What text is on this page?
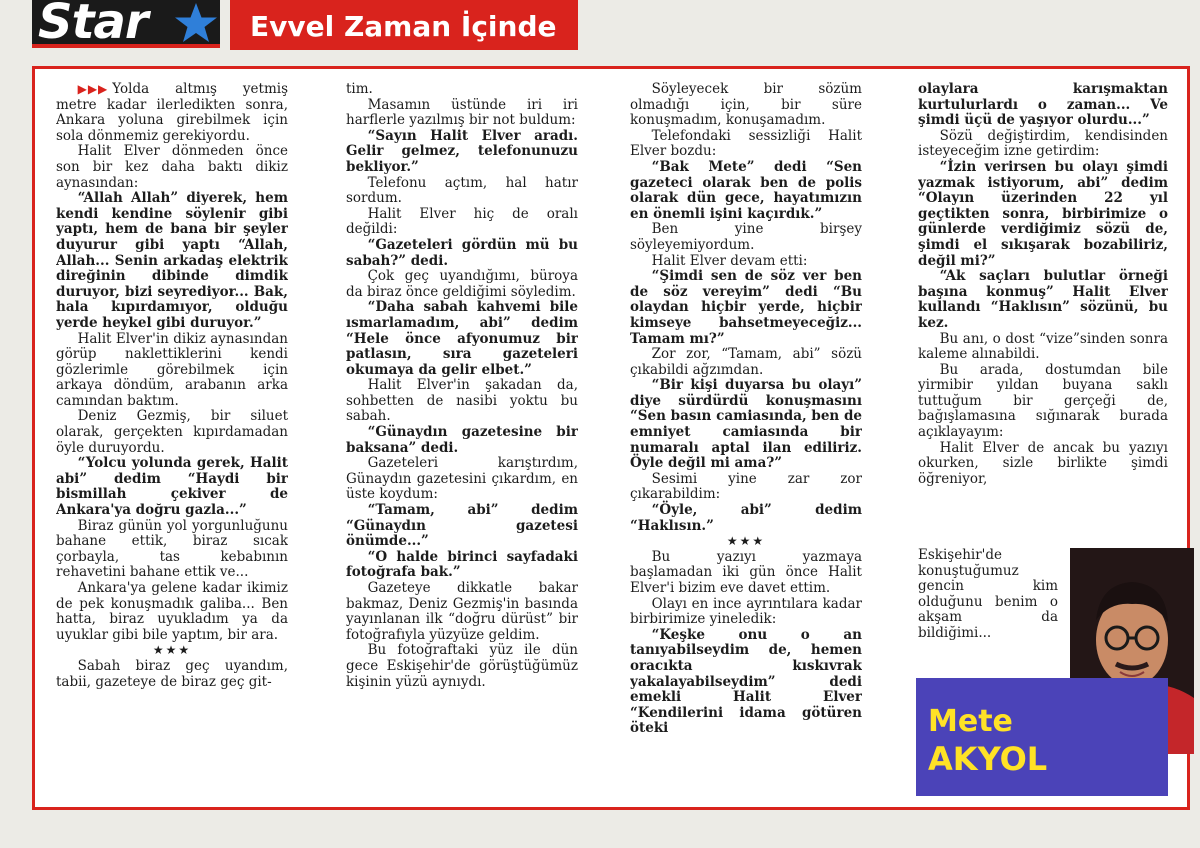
Star	Evvel Zaman İçinde

▶▶▶ Yolda altmış yetmiş metre kadar ilerledikten sonra, Ankara yoluna girebilmek için sola dönmemiz gerekiyordu.

Halit Elver dönmeden önce son bir kez daha baktı dikiz aynasından:

“Allah Allah” diyerek, hem kendi kendine söylenir gibi yaptı, hem de bana bir şeyler duyurur gibi yaptı “Allah, Allah... Senin arkadaş elektrik direğinin dibinde dimdik duruyor, bizi seyrediyor... Bak, hala kıpırdamıyor, olduğu yerde heykel gibi duruyor.”

Halit Elver'in dikiz aynasından görüp naklettiklerini kendi gözlerimle görebilmek için arkaya döndüm, arabanın arka camından baktım.

Deniz Gezmiş, bir siluet olarak, gerçekten kıpırdamadan öyle duruyordu.

“Yolcu yolunda gerek, Halit abi” dedim “Haydi bir bismillah çekiver de Ankara'ya doğru gazla...”

Biraz günün yol yorgunluğunu bahane ettik, biraz sıcak çorbayla, tas kebabının rehavetini bahane ettik ve...

Ankara'ya gelene kadar ikimiz de pek konuşmadık galiba... Ben hatta, biraz uyukladım ya da uyuklar gibi bile yaptım, bir ara.

★★★

Sabah biraz geç uyandım, tabii, gazeteye de biraz geç git-

tim.

Masamın üstünde iri iri harflerle yazılmış bir not buldum:

“Sayın Halit Elver aradı. Gelir gelmez, telefonunuzu bekliyor.”

Telefonu açtım, hal hatır sordum.

Halit Elver hiç de oralı değildi:

“Gazeteleri gördün mü bu sabah?” dedi.

Çok geç uyandığımı, büroya da biraz önce geldiğimi söyledim.

“Daha sabah kahvemi bile ısmarlamadım, abi” dedim “Hele önce afyonumuz bir patlasın, sıra gazeteleri okumaya da gelir elbet.”

Halit Elver'in şakadan da, sohbetten de nasibi yoktu bu sabah.

“Günaydın gazetesine bir baksana” dedi.

Gazeteleri karıştırdım, Günaydın gazetesini çıkardım, en üste koydum:

“Tamam, abi” dedim “Günaydın gazetesi önümde...”

“O halde birinci sayfadaki fotoğrafa bak.”

Gazeteye dikkatle bakar bakmaz, Deniz Gezmiş'in basında yayınlanan ilk “doğru dürüst” bir fotoğrafıyla yüzyüze geldim.

Bu fotoğraftaki yüz ile dün gece Eskişehir'de görüştüğümüz kişinin yüzü aynıydı.

Söyleyecek bir sözüm olmadığı için, bir süre konuşmadım, konuşamadım.

Telefondaki sessizliği Halit Elver bozdu:

“Bak Mete” dedi “Sen gazeteci olarak ben de polis olarak dün gece, hayatımızın en önemli işini kaçırdık.”

Ben yine birşey söyleyemiyordum.

Halit Elver devam etti:

“Şimdi sen de söz ver ben de söz vereyim” dedi “Bu olaydan hiçbir yerde, hiçbir kimseye bahsetmeyeceğiz... Tamam mı?”

Zor zor, “Tamam, abi” sözü çıkabildi ağzımdan.

“Bir kişi duyarsa bu olayı” diye sürdürdü konuşmasını “Sen basın camiasında, ben de emniyet camiasında bir numaralı aptal ilan ediliriz. Öyle değil mi ama?”

Sesimi yine zar zor çıkarabildim:

“Öyle, abi” dedim “Haklısın.”

★★★

Bu yazıyı yazmaya başlamadan iki gün önce Halit Elver'i bizim eve davet ettim.

Olayı en ince ayrıntılara kadar birbirimize yineledik:

“Keşke onu o an tanıyabilseydim de, hemen oracıkta kıskıvrak yakalayabilseydim” dedi emekli Halit Elver “Kendilerini idama götüren öteki

olaylara karışmaktan kurtulurlardı o zaman... Ve şimdi üçü de yaşıyor olurdu...”

Sözü değiştirdim, kendisinden isteyeceğim izne getirdim:

“İzin verirsen bu olayı şimdi yazmak istiyorum, abi” dedim “Olayın üzerinden 22 yıl geçtikten sonra, birbirimize o günlerde verdiğimiz sözü de, şimdi el sıkışarak bozabiliriz, değil mi?”

“Ak saçları bulutlar örneği başına konmuş” Halit Elver kullandı “Haklısın” sözünü, bu kez.

Bu anı, o dost “vize”sinden sonra kaleme alınabildi.

Bu arada, dostumdan bile yirmibir yıldan buyana saklı tuttuğum bir gerçeği de, bağışlamasına sığınarak burada açıklayayım:

Halit Elver de ancak bu yazıyı okurken, sizle birlikte şimdi öğreniyor,

Eskişehir'de konuştuğumuz gencin kim olduğunu benim o akşam da bildiğimi...

Mete
AKYOL
